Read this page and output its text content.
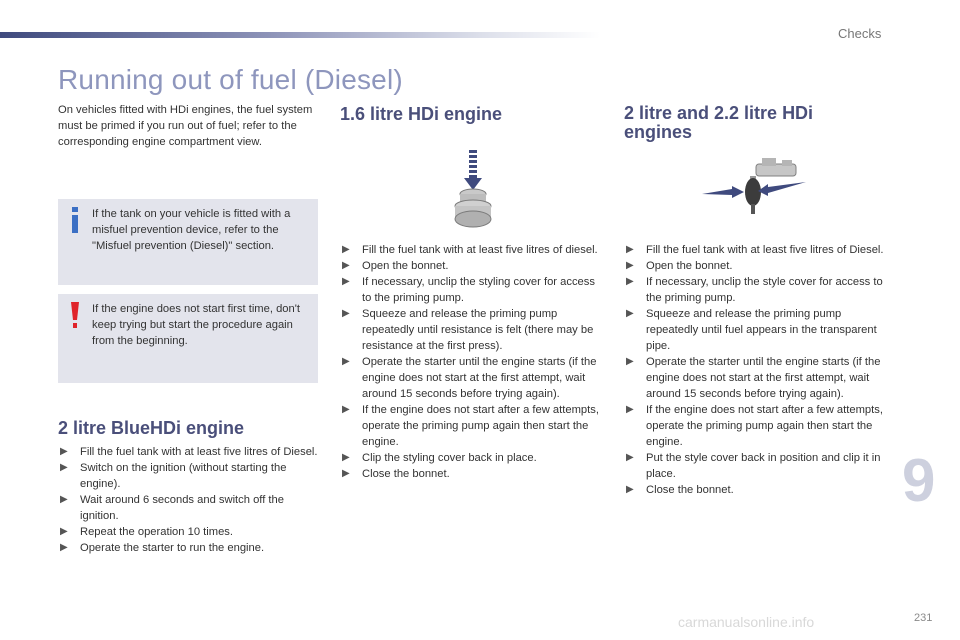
Checks
Running out of fuel (Diesel)

On vehicles fitted with HDi engines, the fuel system must be primed if you run out of fuel; refer to the corresponding engine compartment view.

If the tank on your vehicle is fitted with a misfuel prevention device, refer to the "Misfuel prevention (Diesel)" section.

If the engine does not start first time, don't keep trying but start the procedure again from the beginning.

2 litre BlueHDi engine
▶ Fill the fuel tank with at least five litres of Diesel.
▶ Switch on the ignition (without starting the engine).
▶ Wait around 6 seconds and switch off the ignition.
▶ Repeat the operation 10 times.
▶ Operate the starter to run the engine.
1.6 litre HDi engine
▶ Fill the fuel tank with at least five litres of diesel.
▶ Open the bonnet.
▶ If necessary, unclip the styling cover for access to the priming pump.
▶ Squeeze and release the priming pump repeatedly until resistance is felt (there may be resistance at the first press).
▶ Operate the starter until the engine starts (if the engine does not start at the first attempt, wait around 15 seconds before trying again).
▶ If the engine does not start after a few attempts, operate the priming pump again then start the engine.
▶ Clip the styling cover back in place.
▶ Close the bonnet.
2 litre and 2.2 litre HDi engines
▶ Fill the fuel tank with at least five litres of Diesel.
▶ Open the bonnet.
▶ If necessary, unclip the style cover for access to the priming pump.
▶ Squeeze and release the priming pump repeatedly until fuel appears in the transparent pipe.
▶ Operate the starter until the engine starts (if the engine does not start at the first attempt, wait around 15 seconds before trying again).
▶ If the engine does not start after a few attempts, operate the priming pump again then start the engine.
▶ Put the style cover back in position and clip it in place.
▶ Close the bonnet.	9
231
carmanualsonline.info
